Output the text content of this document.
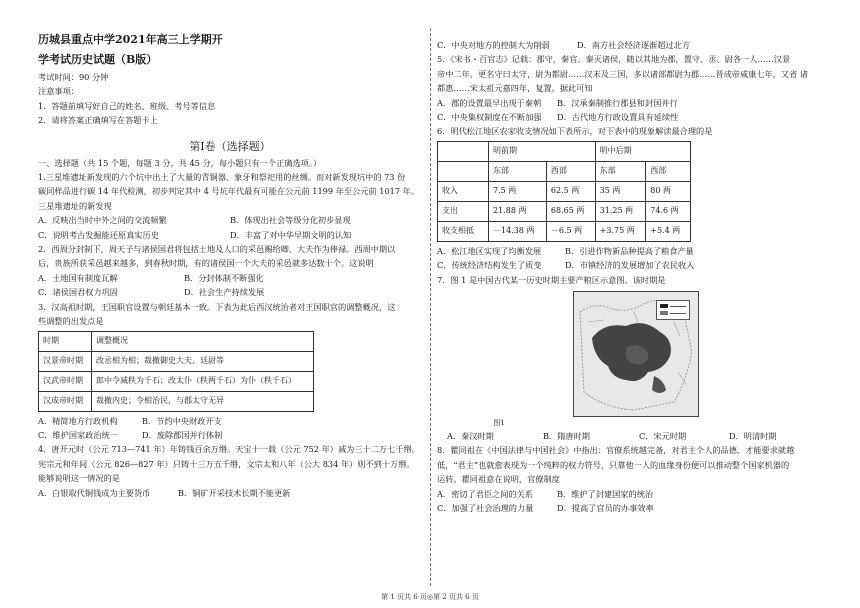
历城县重点中学2021年高三上学期开

学考试历史试题（B版）

考试时间：90 分钟

注意事项：

1．答题前填写好自己的姓名、班级、考号等信息

2．请将答案正确填写在答题卡上

第Ⅰ卷（选择题）

一、选择题（共 15 个题，每题 3 分，共 45 分，每小题只有一个正确选项。）

1.三星堆遗址新发现的六个坑中出土了大量的青铜器、象牙和祭祀用的丝绸。而对新发现坑中的 73 份

碳同样品进行碳 14 年代检测，初步判定其中 4 号坑年代最有可能在公元前 1199 年至公元前 1017 年。

三星堆遗址的新发现

A．反映出当时中外之间的交流频繁	B．体现出社会等级分化初步显现
C．说明考古发掘能还原真实历史	D．丰富了对中华早期文明的认知

2．西周分封制下，周天子与诸侯国君将包括土地及人口的采邑赐给卿、大夫作为俸禄。西周中期以

后，贵族所获采邑越来越多，到春秋时期，有的诸侯国一个大夫的采邑就多达数十个。这说明

A．土地国有制度瓦解	B．分封体制不断强化
C．诸侯国君权力巩固	D．社会生产持续发展

3．汉高祖时期，王国职官设置与朝廷基本一致。下表为此后西汉统治者对王国职官的调整概况，这

些调整的出发点是

时期	调整概况
汉景帝时期	改丞相为相；裁撤御史大夫、廷尉等
汉武帝时期	郎中令减秩为千石；改太仆（秩两千石）为仆（秩千石）
汉成帝时期	裁撤内史；令相治民，与郡太守无异
A．精简地方行政机构	B．节约中央财政开支
C．维护国家政治统一	D．废除郡国并行体制

4．唐开元时（公元 713—741 年）年铸钱百余万缗。天宝十一载（公元 752 年）减为三十二万七千缗。

宪宗元和年间（公元 826—827 年）只铸十三万五千缗，文宗太和八年（公大 834 年）则不到十万缗。

能够说明这一情况的是

A．白银取代铜钱成为主要货币	B．铜矿开采技术长期不能更新
C．中央对地方的控制大为削弱	D．南方社会经济逐渐超过北方

5．《宋书・百官志》记载：郡守，秦官。秦灭诸侯，随以其地为郡，置守、丞、尉各一人……汉景

帝中二年，更名守曰太守，尉为都尉……汉末及三国，多以诸部都尉为郡……晋成帝咸康七年，又省 诸

都惠……宋太祖元嘉四年，复置。据此可知

A．郡的设置最早出现于秦朝	B．汉承秦制推行郡县和封国并行
C．中央集权制度在不断加强	D．古代地方行政设置具有延续性

6．明代松江地区农家收支情况如下表所示，对下表中的现象解读最合理的是

	明前期		明中后期	
	东部	西部	东部	西部
收入	7.5 两	62.5 两	35 两	80 两
支出	21.88 两	68.65 两	31.25 两	74.6 两
收支相抵	－14.38 两	－6.5 两	+3.75 两	+5.4 两
A．松江地区实现了均衡发展	B．引进作物新品种提高了粮食产量
C．传统经济结构发生了质变	D．市镇经济的发展增加了农民收入

7．图 1 是中国古代某一历史时期主要产粮区示意图。该时期是

图1

A．秦汉时期	B．隋唐时期	C．宋元时期	D．明清时期

8．瞿同祖在《中国法律与中国社会》中指出：官僚系统越完备，对君主个人的品德、才能要求就越

低，“君主”也就愈表现为一个纯粹的权力符号，只靠他一人的血缘身份便可以推动整个国家机器的

运转。瞿同祖意在说明，官僚制度

A．密切了君臣之间的关系	B．维护了封建国家的统治
C．加强了社会治理的力量	D．提高了官员的办事效率
第 1 页共 6 页◎第 2 页共 6 页
